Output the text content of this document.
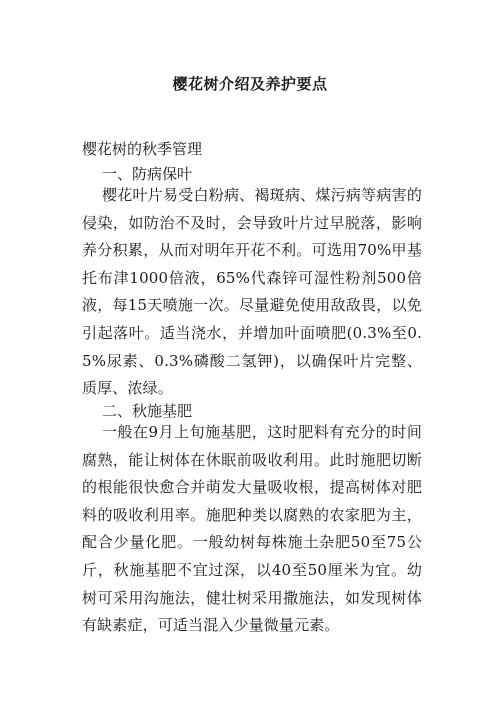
樱花树介绍及养护要点
樱花树的秋季管理
一、防病保叶
樱花叶片易受白粉病、褐斑病、煤污病等病害的侵染，如防治不及时，会导致叶片过早脱落，影响养分积累，从而对明年开花不利。可选用70%甲基托布津1000倍液，65%代森锌可湿性粉剂500倍液，每15天喷施一次。尽量避免使用敌敌畏，以免引起落叶。适当浇水，并增加叶面喷肥(0.3%至0.5%尿素、0.3%磷酸二氢钾)，以确保叶片完整、质厚、浓绿。
二、秋施基肥
一般在9月上旬施基肥，这时肥料有充分的时间腐熟，能让树体在休眠前吸收利用。此时施肥切断的根能很快愈合并萌发大量吸收根，提高树体对肥料的吸收利用率。施肥种类以腐熟的农家肥为主，配合少量化肥。一般幼树每株施土杂肥50至75公斤，秋施基肥不宜过深，以40至50厘米为宜。幼树可采用沟施法，健壮树采用撒施法，如发现树体有缺素症，可适当混入少量微量元素。
